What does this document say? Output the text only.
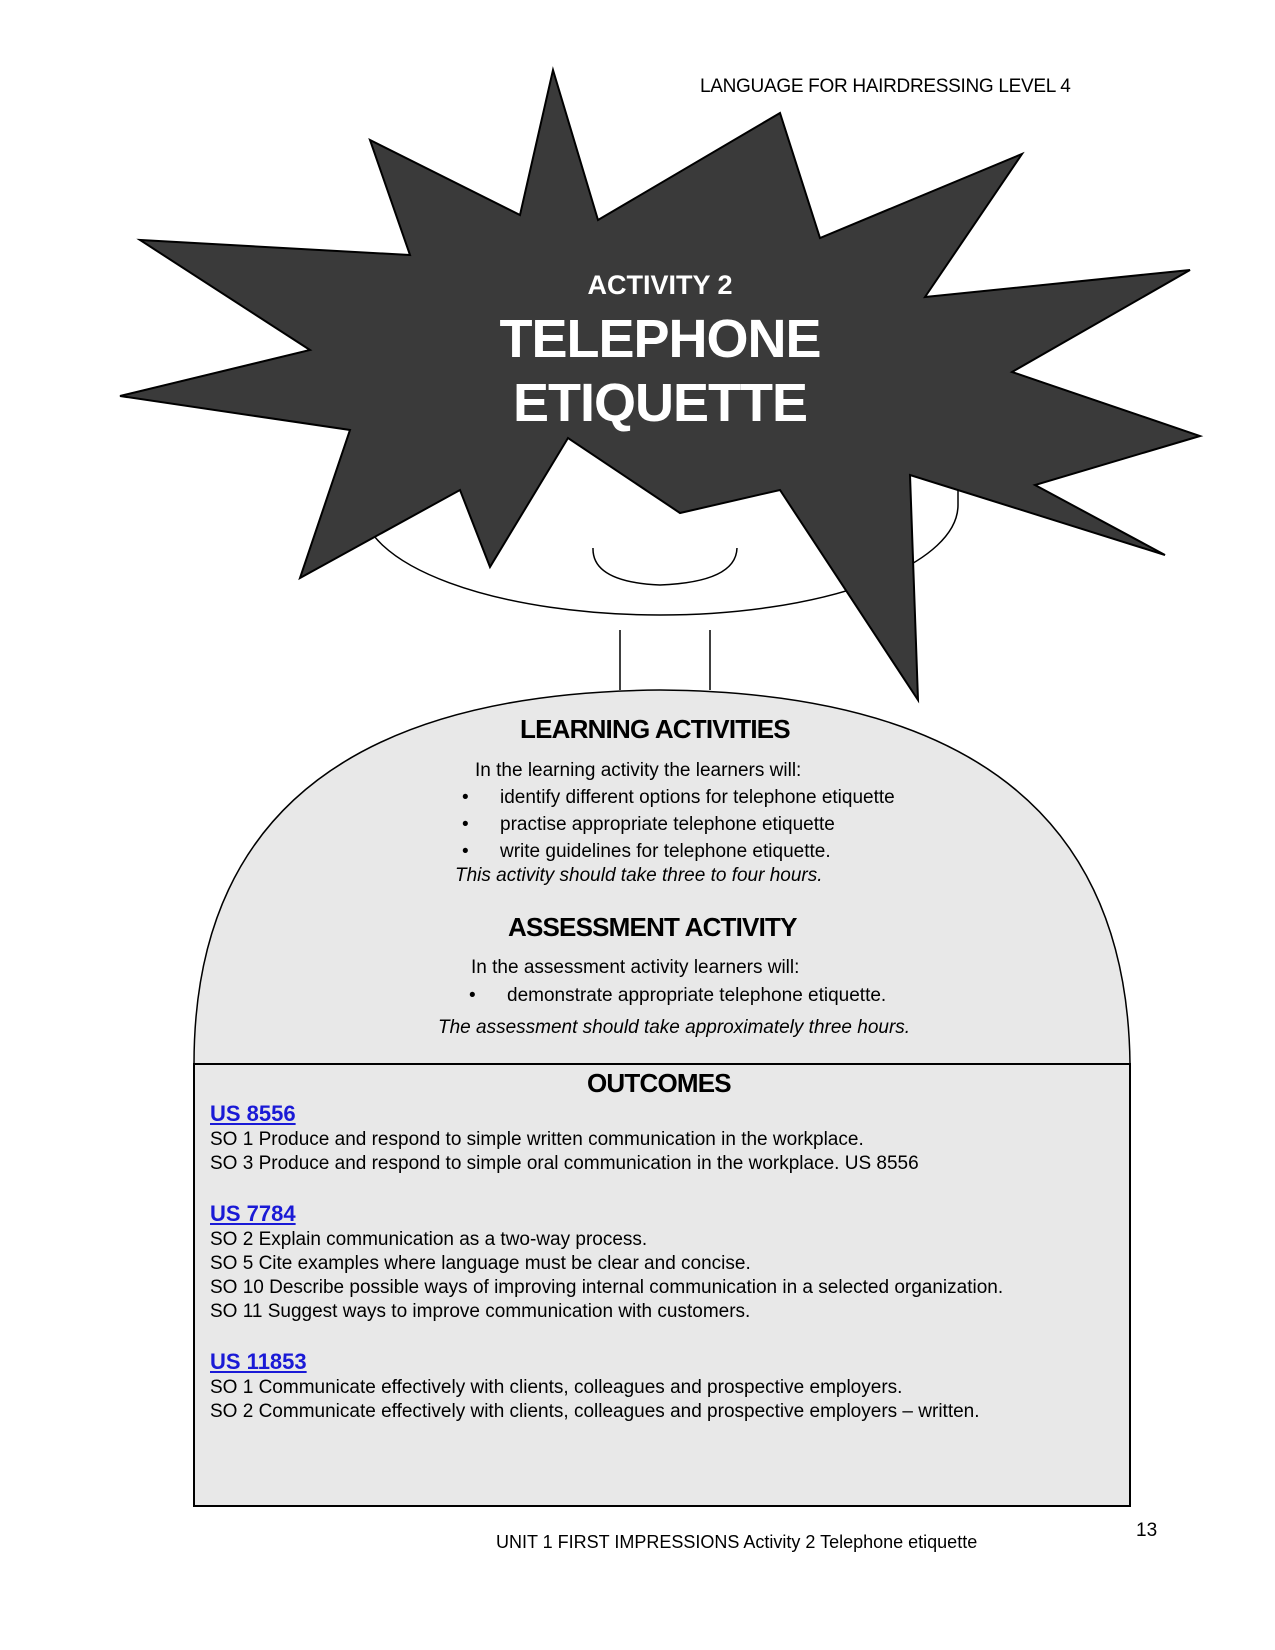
LANGUAGE FOR HAIRDRESSING LEVEL 4
ACTIVITY 2
TELEPHONE
ETIQUETTE
LEARNING ACTIVITIES
In the learning activity the learners will:
• identify different options for telephone etiquette
• practise appropriate telephone etiquette
• write guidelines for telephone etiquette.
This activity should take three to four hours.
ASSESSMENT ACTIVITY
In the assessment activity learners will:
• demonstrate appropriate telephone etiquette.
The assessment should take approximately three hours.
OUTCOMES
US 8556
SO 1 Produce and respond to simple written communication in the workplace.
SO 3 Produce and respond to simple oral communication in the workplace. US 8556
US 7784
SO 2 Explain communication as a two-way process.
SO 5 Cite examples where language must be clear and concise.
SO 10 Describe possible ways of improving internal communication in a selected organization.
SO 11 Suggest ways to improve communication with customers.
US 11853
SO 1 Communicate effectively with clients, colleagues and prospective employers.
SO 2 Communicate effectively with clients, colleagues and prospective employers – written.
UNIT 1 FIRST IMPRESSIONS Activity 2 Telephone etiquette
13
